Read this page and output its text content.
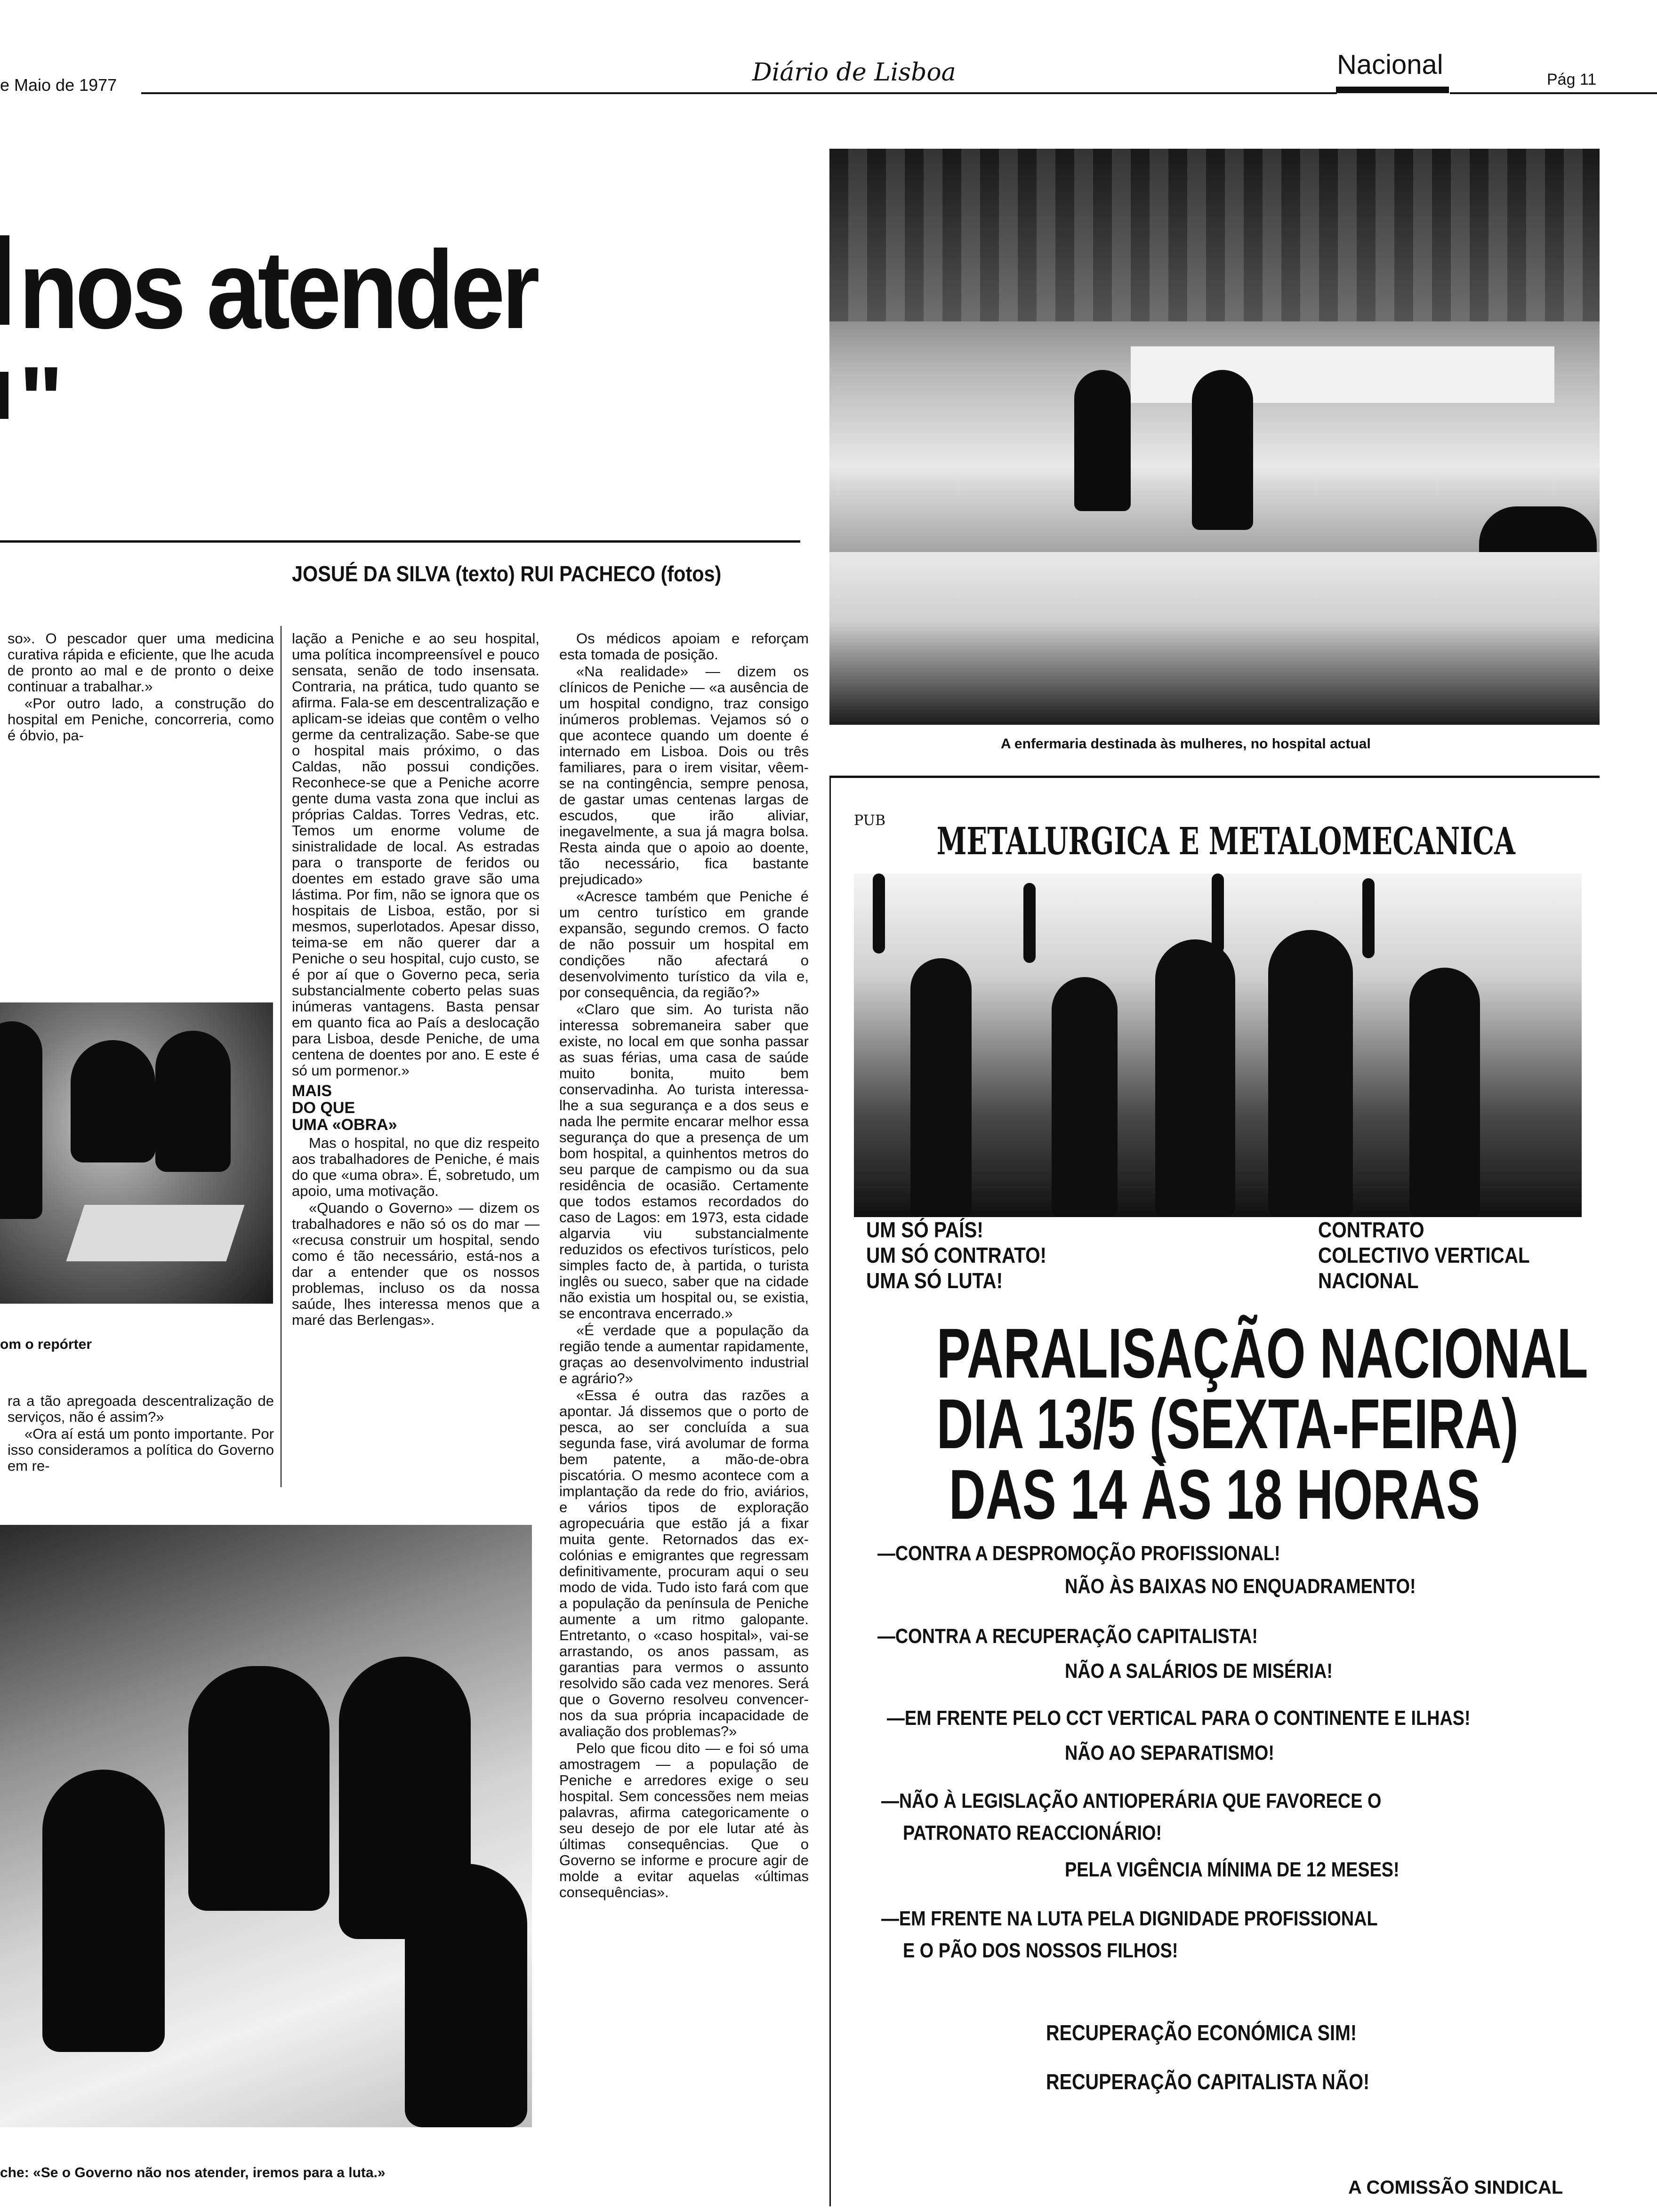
e Maio de 1977	Diário de Lisboa	Nacional	Pág 11
nos atender
"
JOSUÉ DA SILVA (texto) RUI PACHECO (fotos)

so». O pescador quer uma medicina curativa rápida e eficiente, que lhe acuda de pronto ao mal e de pronto o deixe continuar a trabalhar.»

«Por outro lado, a construção do hospital em Peniche, concorreria, como é óbvio, pa-

om o repórter

ra a tão apregoada descentralização de serviços, não é assim?»

«Ora aí está um ponto importante. Por isso consideramos a política do Governo em re-

che: «Se o Governo não nos atender, iremos para a luta.»

lação a Peniche e ao seu hospital, uma política incompreensível e pouco sensata, senão de todo insensata. Contraria, na prática, tudo quanto se afirma. Fala-se em descentralização e aplicam-se ideias que contêm o velho germe da centralização. Sabe-se que o hospital mais próximo, o das Caldas, não possui condições. Reconhece-se que a Peniche acorre gente duma vasta zona que inclui as próprias Caldas. Torres Vedras, etc. Temos um enorme volume de sinistralidade de local. As estradas para o transporte de feridos ou doentes em estado grave são uma lástima. Por fim, não se ignora que os hospitais de Lisboa, estão, por si mesmos, superlotados. Apesar disso, teima-se em não querer dar a Peniche o seu hospital, cujo custo, se é por aí que o Governo peca, seria substancialmente coberto pelas suas inúmeras vantagens. Basta pensar em quanto fica ao País a deslocação para Lisboa, desde Peniche, de uma centena de doentes por ano. E este é só um pormenor.»

MAIS
DO QUE
UMA «OBRA»

Mas o hospital, no que diz respeito aos trabalhadores de Peniche, é mais do que «uma obra». É, sobretudo, um apoio, uma motivação.

«Quando o Governo» — dizem os trabalhadores e não só os do mar — «recusa construir um hospital, sendo como é tão necessário, está-nos a dar a entender que os nossos problemas, incluso os da nossa saúde, lhes interessa menos que a maré das Berlengas».

Os médicos apoiam e reforçam esta tomada de posição.

«Na realidade» — dizem os clínicos de Peniche — «a ausência de um hospital condigno, traz consigo inúmeros problemas. Vejamos só o que acontece quando um doente é internado em Lisboa. Dois ou três familiares, para o irem visitar, vêem-se na contingência, sempre penosa, de gastar umas centenas largas de escudos, que irão aliviar, inegavelmente, a sua já magra bolsa. Resta ainda que o apoio ao doente, tão necessário, fica bastante prejudicado»

«Acresce também que Peniche é um centro turístico em grande expansão, segundo cremos. O facto de não possuir um hospital em condições não afectará o desenvolvimento turístico da vila e, por consequência, da região?»

«Claro que sim. Ao turista não interessa sobremaneira saber que existe, no local em que sonha passar as suas férias, uma casa de saúde muito bonita, muito bem conservadinha. Ao turista interessa-lhe a sua segurança e a dos seus e nada lhe permite encarar melhor essa segurança do que a presença de um bom hospital, a quinhentos metros do seu parque de campismo ou da sua residência de ocasião. Certamente que todos estamos recordados do caso de Lagos: em 1973, esta cidade algarvia viu substancialmente reduzidos os efectivos turísticos, pelo simples facto de, à partida, o turista inglês ou sueco, saber que na cidade não existia um hospital ou, se existia, se encontrava encerrado.»

«É verdade que a população da região tende a aumentar rapidamente, graças ao desenvolvimento industrial e agrário?»

«Essa é outra das razões a apontar. Já dissemos que o porto de pesca, ao ser concluída a sua segunda fase, virá avolumar de forma bem patente, a mão-de-obra piscatória. O mesmo acontece com a implantação da rede do frio, aviários, e vários tipos de exploração agropecuária que estão já a fixar muita gente. Retornados das ex-colónias e emigrantes que regressam definitivamente, procuram aqui o seu modo de vida. Tudo isto fará com que a população da península de Peniche aumente a um ritmo galopante. Entretanto, o «caso hospital», vai-se arrastando, os anos passam, as garantias para vermos o assunto resolvido são cada vez menores. Será que o Governo resolveu convencer-nos da sua própria incapacidade de avaliação dos problemas?»

Pelo que ficou dito — e foi só uma amostragem — a população de Peniche e arredores exige o seu hospital. Sem concessões nem meias palavras, afirma categoricamente o seu desejo de por ele lutar até às últimas consequências. Que o Governo se informe e procure agir de molde a evitar aquelas «últimas consequências».

A enfermaria destinada às mulheres, no hospital actual
PUB METALURGICA E METALOMECANICA
UM SÓ PAÍS!
UM SÓ CONTRATO!
UMA SÓ LUTA!
CONTRATO
COLECTIVO VERTICAL
NACIONAL
PARALISAÇÃO NACIONAL
DIA 13/5 (SEXTA-FEIRA)
DAS 14 ÀS 18 HORAS
—CONTRA A DESPROMOÇÃO PROFISSIONAL!
NÃO ÀS BAIXAS NO ENQUADRAMENTO!
—CONTRA A RECUPERAÇÃO CAPITALISTA!
NÃO A SALÁRIOS DE MISÉRIA!
—EM FRENTE PELO CCT VERTICAL PARA O CONTINENTE E ILHAS!
NÃO AO SEPARATISMO!
—NÃO À LEGISLAÇÃO ANTIOPERÁRIA QUE FAVORECE O
PATRONATO REACCIONÁRIO!
PELA VIGÊNCIA MÍNIMA DE 12 MESES!
—EM FRENTE NA LUTA PELA DIGNIDADE PROFISSIONAL
E O PÃO DOS NOSSOS FILHOS!
RECUPERAÇÃO ECONÓMICA SIM!
RECUPERAÇÃO CAPITALISTA NÃO!
A COMISSÃO SINDICAL
